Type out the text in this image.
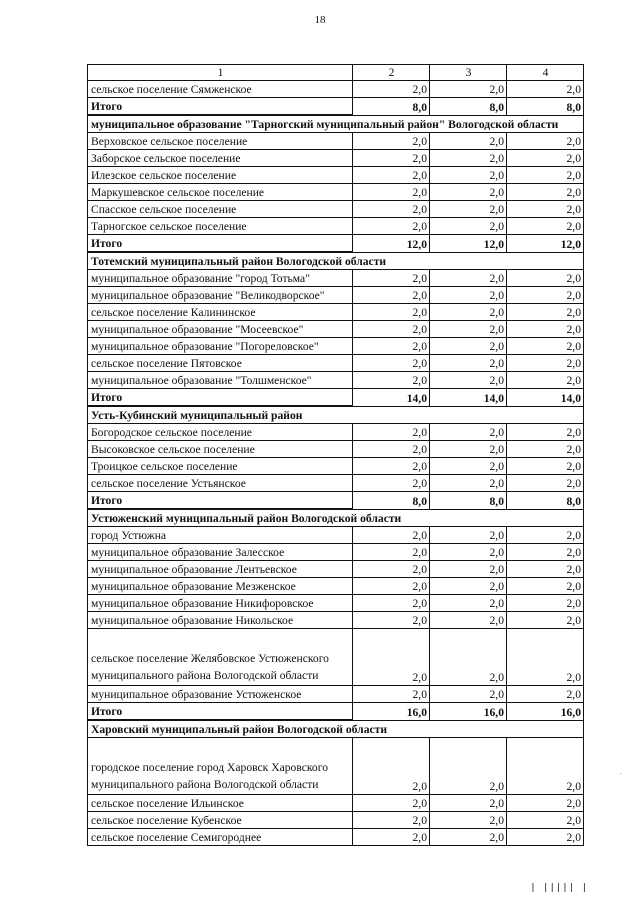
18
1	2	3	4
сельское поселение Сямженское	2,0	2,0	2,0
Итого	8,0	8,0	8,0
муниципальное образование "Тарногский муниципальный район" Вологодской области			
Верховское сельское поселение	2,0	2,0	2,0
Заборское сельское поселение	2,0	2,0	2,0
Илезское сельское поселение	2,0	2,0	2,0
Маркушевское сельское поселение	2,0	2,0	2,0
Спасское сельское поселение	2,0	2,0	2,0
Тарногское сельское поселение	2,0	2,0	2,0
Итого	12,0	12,0	12,0
Тотемский муниципальный район Вологодской области			
муниципальное образование "город Тотьма"	2,0	2,0	2,0
муниципальное образование "Великодворское"	2,0	2,0	2,0
сельское поселение Калининское	2,0	2,0	2,0
муниципальное образование "Мосеевское"	2,0	2,0	2,0
муниципальное образование "Погореловское"	2,0	2,0	2,0
сельское поселение Пятовское	2,0	2,0	2,0
муниципальное образование "Толшменское"	2,0	2,0	2,0
Итого	14,0	14,0	14,0
Усть-Кубинский муниципальный район			
Богородское сельское поселение	2,0	2,0	2,0
Высоковское сельское поселение	2,0	2,0	2,0
Троицкое сельское поселение	2,0	2,0	2,0
сельское поселение Устьянское	2,0	2,0	2,0
Итого	8,0	8,0	8,0
Устюженский муниципальный район Вологодской области			
город Устюжна	2,0	2,0	2,0
муниципальное образование Залесское	2,0	2,0	2,0
муниципальное образование Лентьевское	2,0	2,0	2,0
муниципальное образование Мезженское	2,0	2,0	2,0
муниципальное образование Никифоровское	2,0	2,0	2,0
муниципальное образование Никольское	2,0	2,0	2,0
сельское поселение Желябовское Устюженского муниципального района Вологодской области	2,0	2,0	2,0
муниципальное образование Устюженское	2,0	2,0	2,0
Итого	16,0	16,0	16,0
Харовский муниципальный район Вологодской области			
городское поселение город Харовск Харовского муниципального района Вологодской области	2,0	2,0	2,0
сельское поселение Ильинское	2,0	2,0	2,0
сельское поселение Кубенское	2,0	2,0	2,0
сельское поселение Семигороднее	2,0	2,0	2,0
·
| ||||| |
